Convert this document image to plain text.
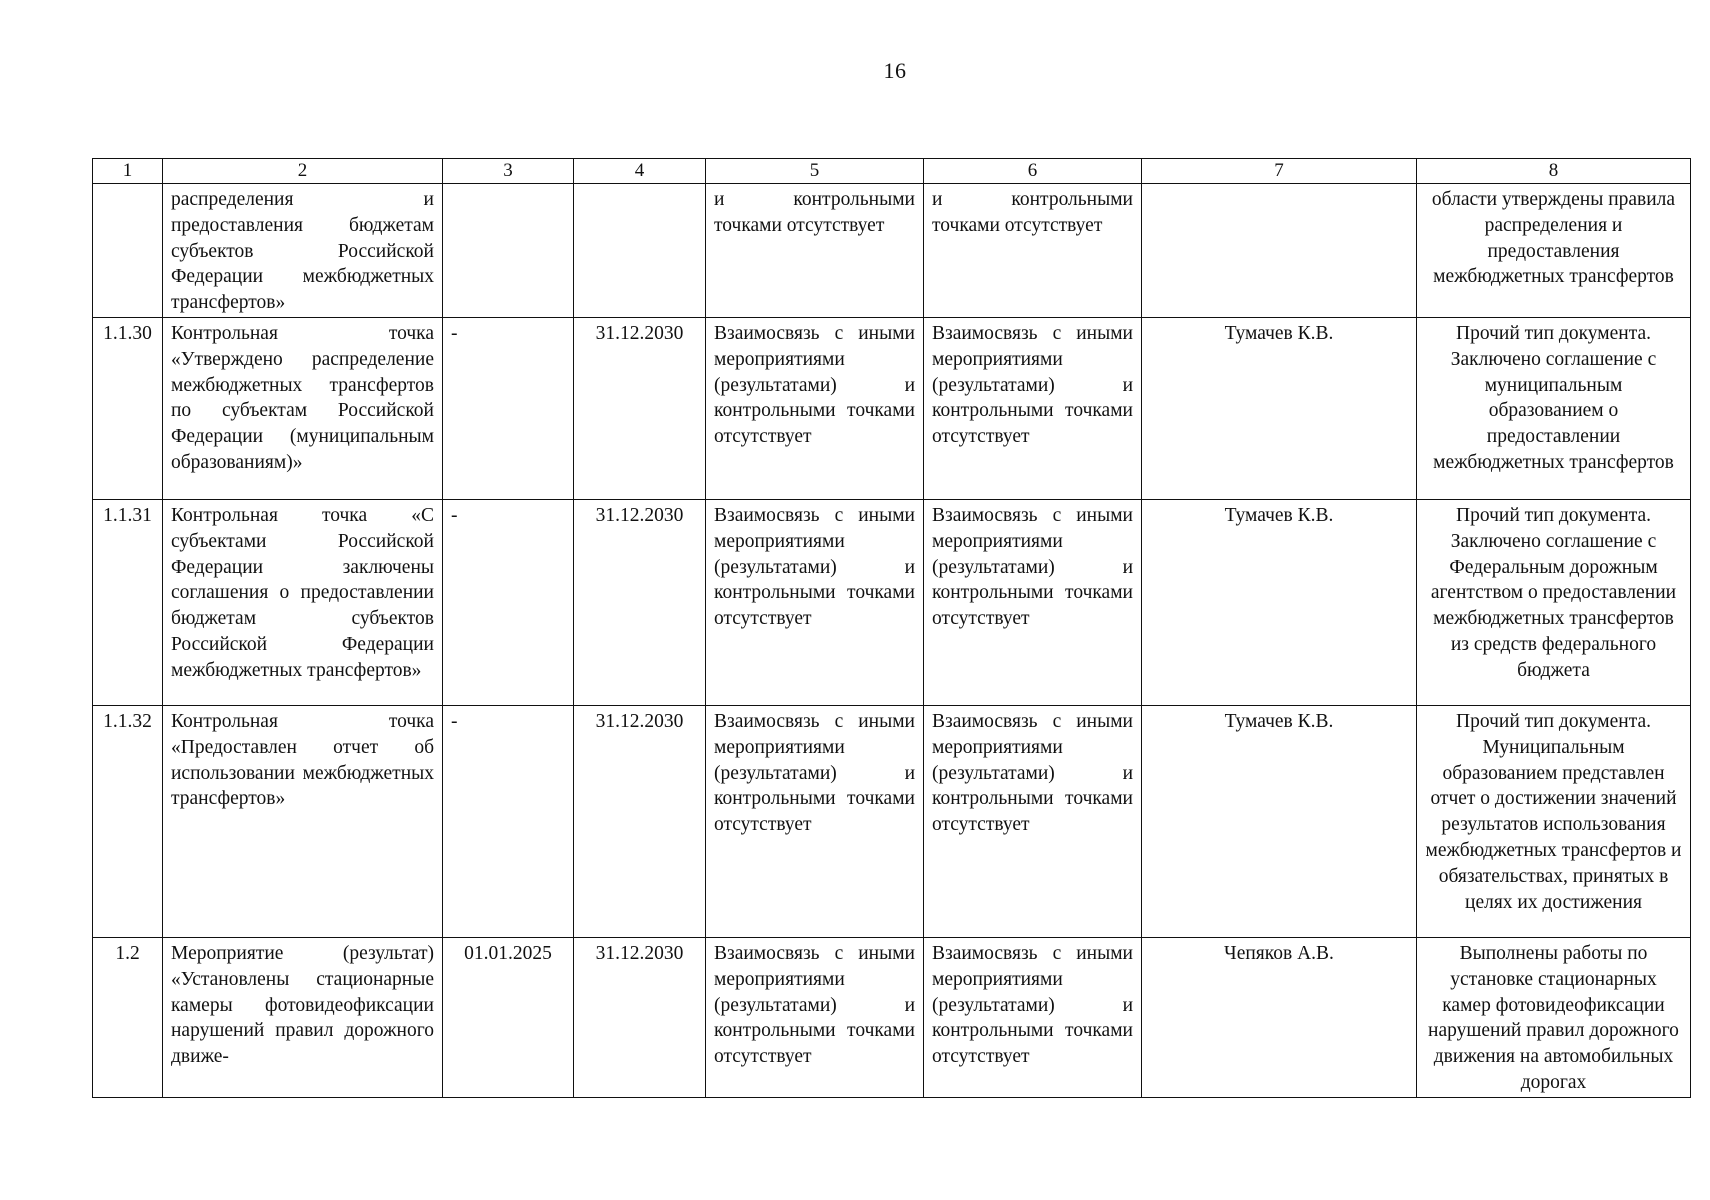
16
1	2	3	4	5	6	7	8
	распределения и предоставления бюджетам субъектов Российской Федерации межбюджетных трансфертов»			и контрольными точками отсутствует	и контрольными точками отсутствует		области утверждены правила распределения и предоставления межбюджетных трансфертов
1.1.30	Контрольная точка «Утверждено распределение межбюджетных трансфертов по субъектам Российской Федерации (муниципальным образованиям)»	-	31.12.2030	Взаимосвязь с иными мероприятиями (результатами) и контрольными точками отсутствует	Взаимосвязь с иными мероприятиями (результатами) и контрольными точками отсутствует	Тумачев К.В.	Прочий тип документа. Заключено соглашение с муниципальным образованием о предоставлении межбюджетных трансфертов
1.1.31	Контрольная точка «С субъектами Российской Федерации заключены соглашения о предоставлении бюджетам субъектов Российской Федерации межбюджетных трансфертов»	-	31.12.2030	Взаимосвязь с иными мероприятиями (результатами) и контрольными точками отсутствует	Взаимосвязь с иными мероприятиями (результатами) и контрольными точками отсутствует	Тумачев К.В.	Прочий тип документа. Заключено соглашение с Федеральным дорожным агентством о предоставлении межбюджетных трансфертов из средств федерального бюджета
1.1.32	Контрольная точка «Предоставлен отчет об использовании межбюджетных трансфертов»	-	31.12.2030	Взаимосвязь с иными мероприятиями (результатами) и контрольными точками отсутствует	Взаимосвязь с иными мероприятиями (результатами) и контрольными точками отсутствует	Тумачев К.В.	Прочий тип документа. Муниципальным образованием представлен отчет о достижении значений результатов использования межбюджетных трансфертов и обязательствах, принятых в целях их достижения
1.2	Мероприятие (результат) «Установлены стационарные камеры фотовидеофиксации нарушений правил дорожного движе-	01.01.2025	31.12.2030	Взаимосвязь с иными мероприятиями (результатами) и контрольными точками отсутствует	Взаимосвязь с иными мероприятиями (результатами) и контрольными точками отсутствует	Чепяков А.В.	Выполнены работы по установке стационарных камер фотовидеофиксации нарушений правил дорожного движения на автомобильных дорогах
